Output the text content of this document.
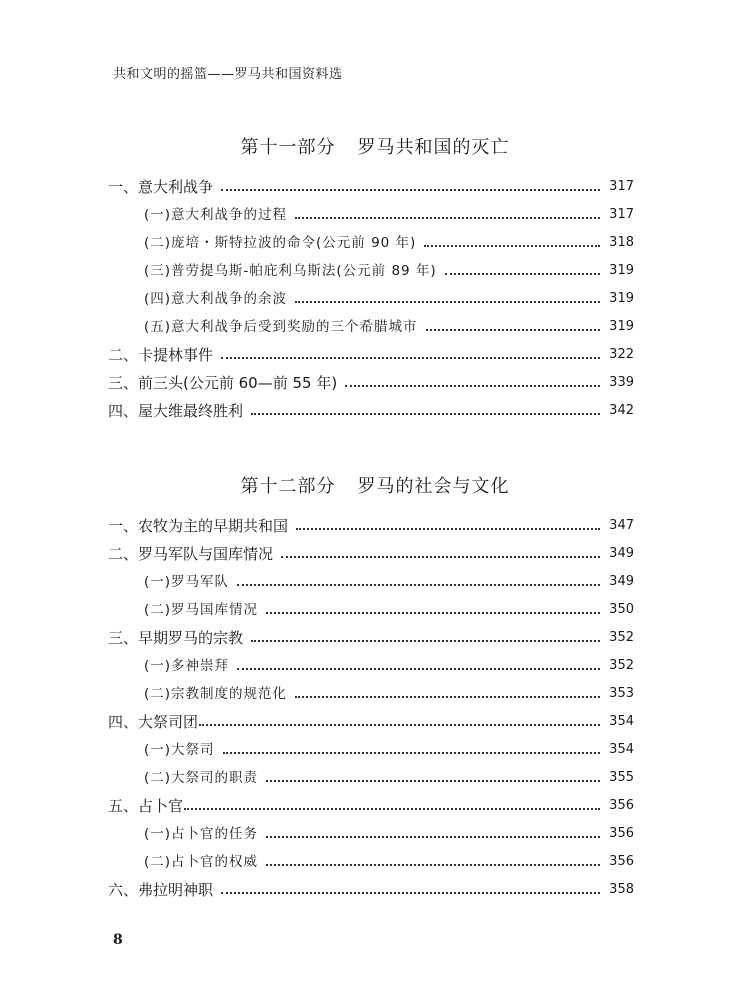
共和文明的摇篮——罗马共和国资料选
第十一部分 罗马共和国的灭亡
一、意大利战争	317
(一)意大利战争的过程	317
(二)庞培・斯特拉波的命令(公元前 90 年)	318
(三)普劳提乌斯-帕庇利乌斯法(公元前 89 年)	319
(四)意大利战争的余波	319
(五)意大利战争后受到奖励的三个希腊城市	319
二、卡提林事件	322
三、前三头(公元前 60—前 55 年)	339
四、屋大维最终胜利	342
第十二部分 罗马的社会与文化
一、农牧为主的早期共和国	347
二、罗马军队与国库情况	349
(一)罗马军队	349
(二)罗马国库情况	350
三、早期罗马的宗教	352
(一)多神崇拜	352
(二)宗教制度的规范化	353
四、大祭司团	354
(一)大祭司	354
(二)大祭司的职责	355
五、占卜官	356
(一)占卜官的任务	356
(二)占卜官的权威	356
六、弗拉明神职	358
8
